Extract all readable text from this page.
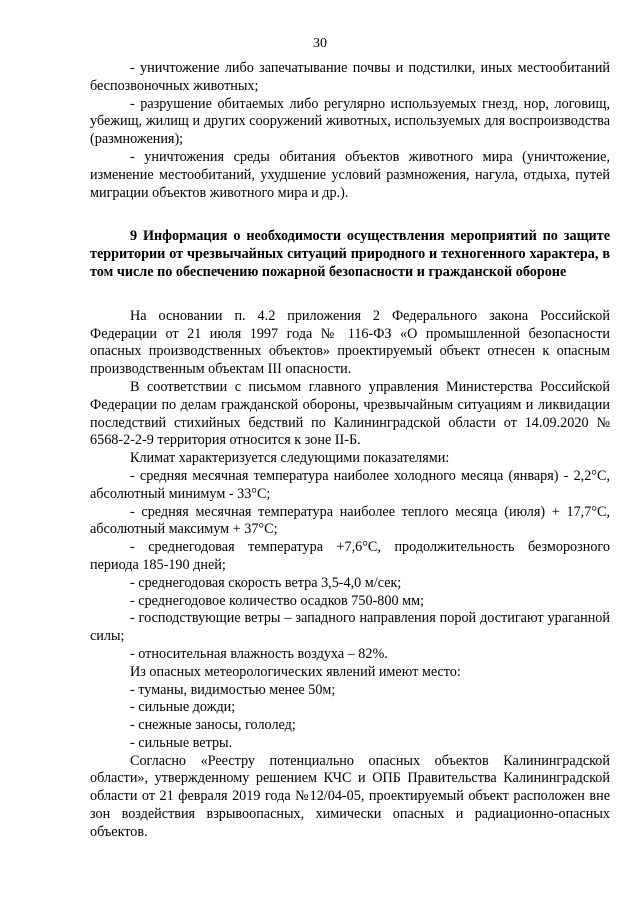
30

- уничтожение либо запечатывание почвы и подстилки, иных местообитаний беспозвоночных животных;

- разрушение обитаемых либо регулярно используемых гнезд, нор, логовищ, убежищ, жилищ и других сооружений животных, используемых для воспроизводства (размножения);

- уничтожения среды обитания объектов животного мира (уничтожение, изменение местообитаний, ухудшение условий размножения, нагула, отдыха, путей миграции объектов животного мира и др.).

9 Информация о необходимости осуществления мероприятий по защите территории от чрезвычайных ситуаций природного и техногенного характера, в том числе по обеспечению пожарной безопасности и гражданской обороне

На основании п. 4.2 приложения 2 Федерального закона Российской Федерации от 21 июля 1997 года № 116-ФЗ «О промышленной безопасности опасных производственных объектов» проектируемый объект отнесен к опасным производственным объектам III опасности.

В соответствии с письмом главного управления Министерства Российской Федерации по делам гражданской обороны, чрезвычайным ситуациям и ликвидации последствий стихийных бедствий по Калининградской области от 14.09.2020 № 6568-2-2-9 территория относится к зоне II-Б.

Климат характеризуется следующими показателями:

- средняя месячная температура наиболее холодного месяца (января) - 2,2°С, абсолютный минимум - 33°С;

- средняя месячная температура наиболее теплого месяца (июля) + 17,7°С, абсолютный максимум + 37°С;

- среднегодовая температура +7,6°С, продолжительность безморозного периода 185-190 дней;

- среднегодовая скорость ветра 3,5-4,0 м/сек;

- среднегодовое количество осадков 750-800 мм;

- господствующие ветры – западного направления порой достигают ураганной силы;

- относительная влажность воздуха – 82%.

Из опасных метеорологических явлений имеют место:

- туманы, видимостью менее 50м;

- сильные дожди;

- снежные заносы, гололед;

- сильные ветры.

Согласно «Реестру потенциально опасных объектов Калининградской области», утвержденному решением КЧС и ОПБ Правительства Калининградской области от 21 февраля 2019 года №12/04-05, проектируемый объект расположен вне зон воздействия взрывоопасных, химически опасных и радиационно-опасных объектов.
